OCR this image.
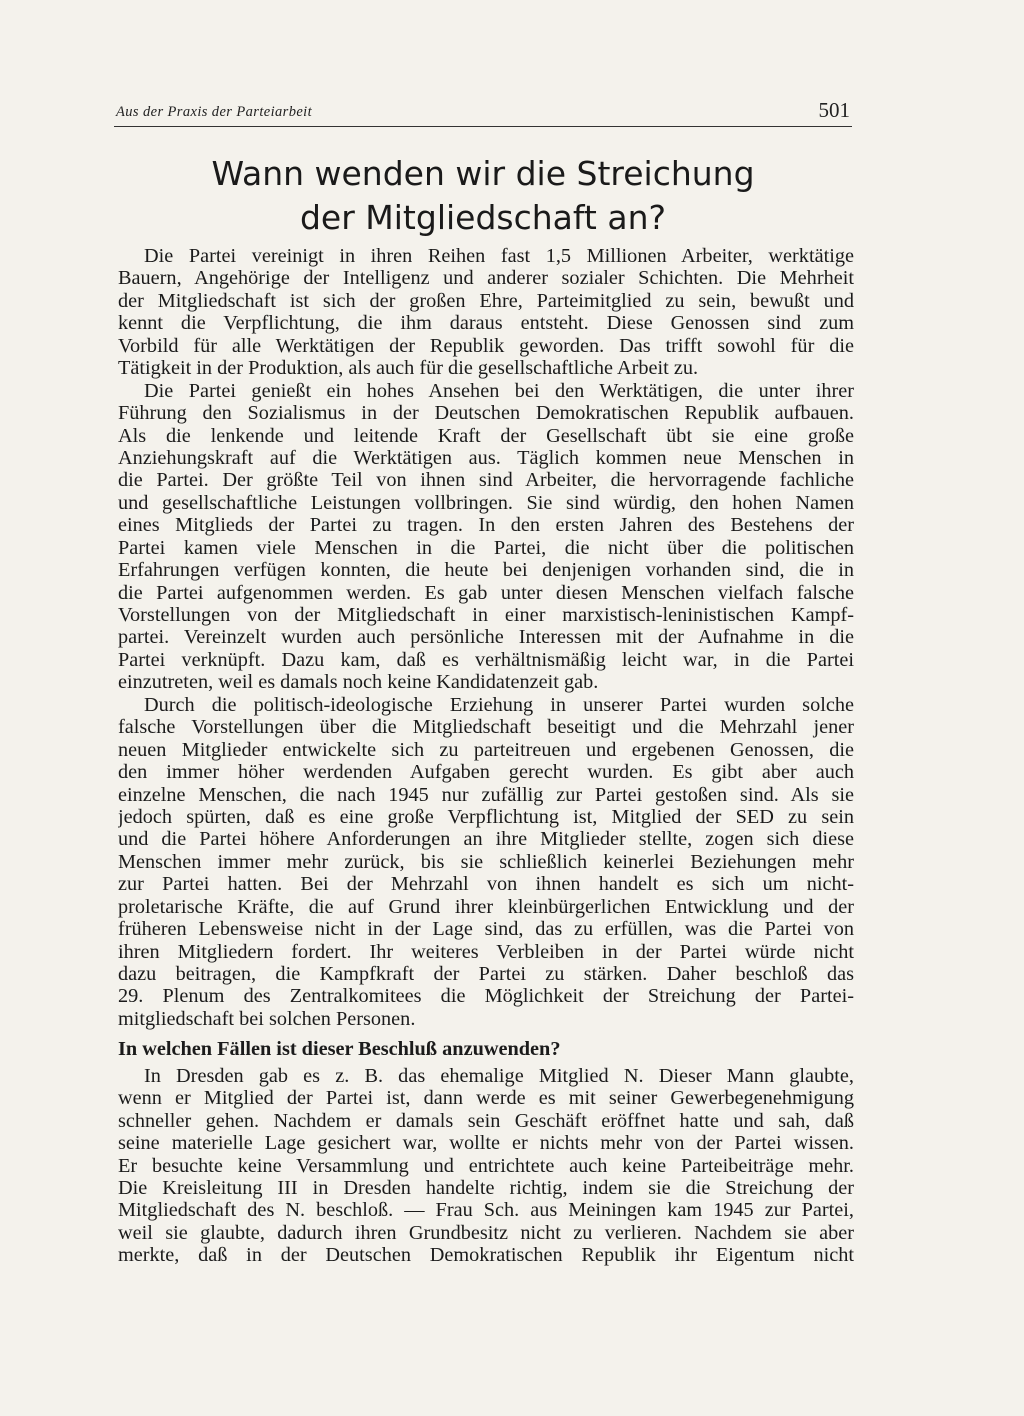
Aus der Praxis der Parteiarbeit	501
Wann wenden wir die Streichung
der Mitgliedschaft an?
Die Partei vereinigt in ihren Reihen fast 1,5 Millionen Arbeiter, werktätige
Bauern, Angehörige der Intelligenz und anderer sozialer Schichten. Die Mehrheit
der Mitgliedschaft ist sich der großen Ehre, Parteimitglied zu sein, bewußt und
kennt die Verpflichtung, die ihm daraus entsteht. Diese Genossen sind zum
Vorbild für alle Werktätigen der Republik geworden. Das trifft sowohl für die
Tätigkeit in der Produktion, als auch für die gesellschaftliche Arbeit zu.
Die Partei genießt ein hohes Ansehen bei den Werktätigen, die unter ihrer
Führung den Sozialismus in der Deutschen Demokratischen Republik aufbauen.
Als die lenkende und leitende Kraft der Gesellschaft übt sie eine große
Anziehungskraft auf die Werktätigen aus. Täglich kommen neue Menschen in
die Partei. Der größte Teil von ihnen sind Arbeiter, die hervorragende fachliche
und gesellschaftliche Leistungen vollbringen. Sie sind würdig, den hohen Namen
eines Mitglieds der Partei zu tragen. In den ersten Jahren des Bestehens der
Partei kamen viele Menschen in die Partei, die nicht über die politischen
Erfahrungen verfügen konnten, die heute bei denjenigen vorhanden sind, die in
die Partei aufgenommen werden. Es gab unter diesen Menschen vielfach falsche
Vorstellungen von der Mitgliedschaft in einer marxistisch-leninistischen Kampf-
partei. Vereinzelt wurden auch persönliche Interessen mit der Aufnahme in die
Partei verknüpft. Dazu kam, daß es verhältnismäßig leicht war, in die Partei
einzutreten, weil es damals noch keine Kandidatenzeit gab.
Durch die politisch-ideologische Erziehung in unserer Partei wurden solche
falsche Vorstellungen über die Mitgliedschaft beseitigt und die Mehrzahl jener
neuen Mitglieder entwickelte sich zu parteitreuen und ergebenen Genossen, die
den immer höher werdenden Aufgaben gerecht wurden. Es gibt aber auch
einzelne Menschen, die nach 1945 nur zufällig zur Partei gestoßen sind. Als sie
jedoch spürten, daß es eine große Verpflichtung ist, Mitglied der SED zu sein
und die Partei höhere Anforderungen an ihre Mitglieder stellte, zogen sich diese
Menschen immer mehr zurück, bis sie schließlich keinerlei Beziehungen mehr
zur Partei hatten. Bei der Mehrzahl von ihnen handelt es sich um nicht-
proletarische Kräfte, die auf Grund ihrer kleinbürgerlichen Entwicklung und der
früheren Lebensweise nicht in der Lage sind, das zu erfüllen, was die Partei von
ihren Mitgliedern fordert. Ihr weiteres Verbleiben in der Partei würde nicht
dazu beitragen, die Kampfkraft der Partei zu stärken. Daher beschloß das
29. Plenum des Zentralkomitees die Möglichkeit der Streichung der Partei-
mitgliedschaft bei solchen Personen.
In welchen Fällen ist dieser Beschluß anzuwenden?
In Dresden gab es z. B. das ehemalige Mitglied N. Dieser Mann glaubte,
wenn er Mitglied der Partei ist, dann werde es mit seiner Gewerbegenehmigung
schneller gehen. Nachdem er damals sein Geschäft eröffnet hatte und sah, daß
seine materielle Lage gesichert war, wollte er nichts mehr von der Partei wissen.
Er besuchte keine Versammlung und entrichtete auch keine Parteibeiträge mehr.
Die Kreisleitung III in Dresden handelte richtig, indem sie die Streichung der
Mitgliedschaft des N. beschloß. — Frau Sch. aus Meiningen kam 1945 zur Partei,
weil sie glaubte, dadurch ihren Grundbesitz nicht zu verlieren. Nachdem sie aber
merkte, daß in der Deutschen Demokratischen Republik ihr Eigentum nicht
